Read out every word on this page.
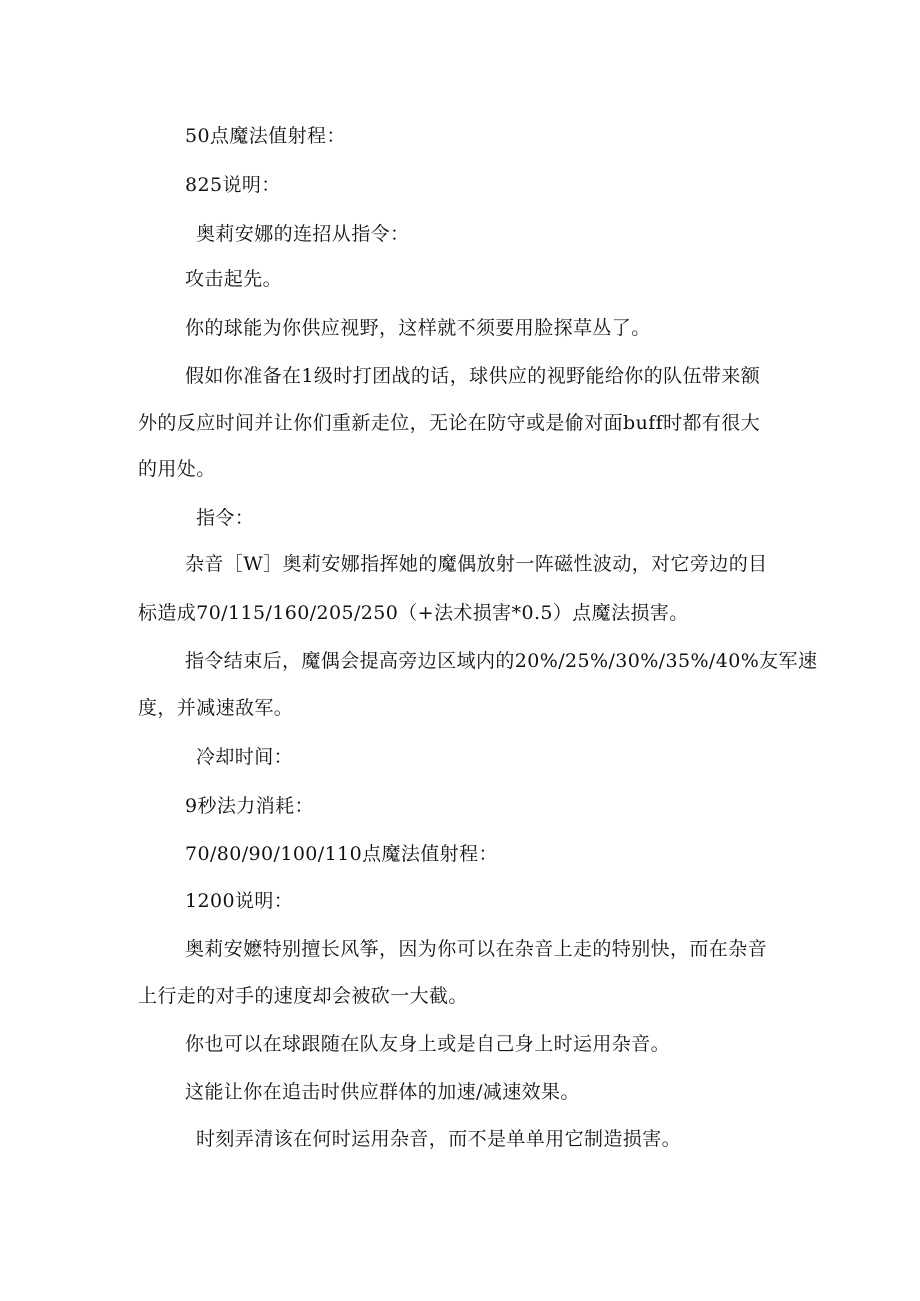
50点魔法值射程：
825说明：
奥莉安娜的连招从指令：
攻击起先。
你的球能为你供应视野，这样就不须要用脸探草丛了。
假如你准备在1级时打团战的话，球供应的视野能给你的队伍带来额
外的反应时间并让你们重新走位，无论在防守或是偷对面buff时都有很大
的用处。
指令：
杂音［W］奥莉安娜指挥她的魔偶放射一阵磁性波动，对它旁边的目
标造成70/115/160/205/250（+法术损害*0.5）点魔法损害。
指令结束后，魔偶会提高旁边区域内的20%/25%/30%/35%/40%友军速
度，并减速敌军。
冷却时间：
9秒法力消耗：
70/80/90/100/110点魔法值射程：
1200说明：
奥莉安嬷特别擅长风筝，因为你可以在杂音上走的特别快，而在杂音
上行走的对手的速度却会被砍一大截。
你也可以在球跟随在队友身上或是自己身上时运用杂音。
这能让你在追击时供应群体的加速/减速效果。
时刻弄清该在何时运用杂音，而不是单单用它制造损害。
